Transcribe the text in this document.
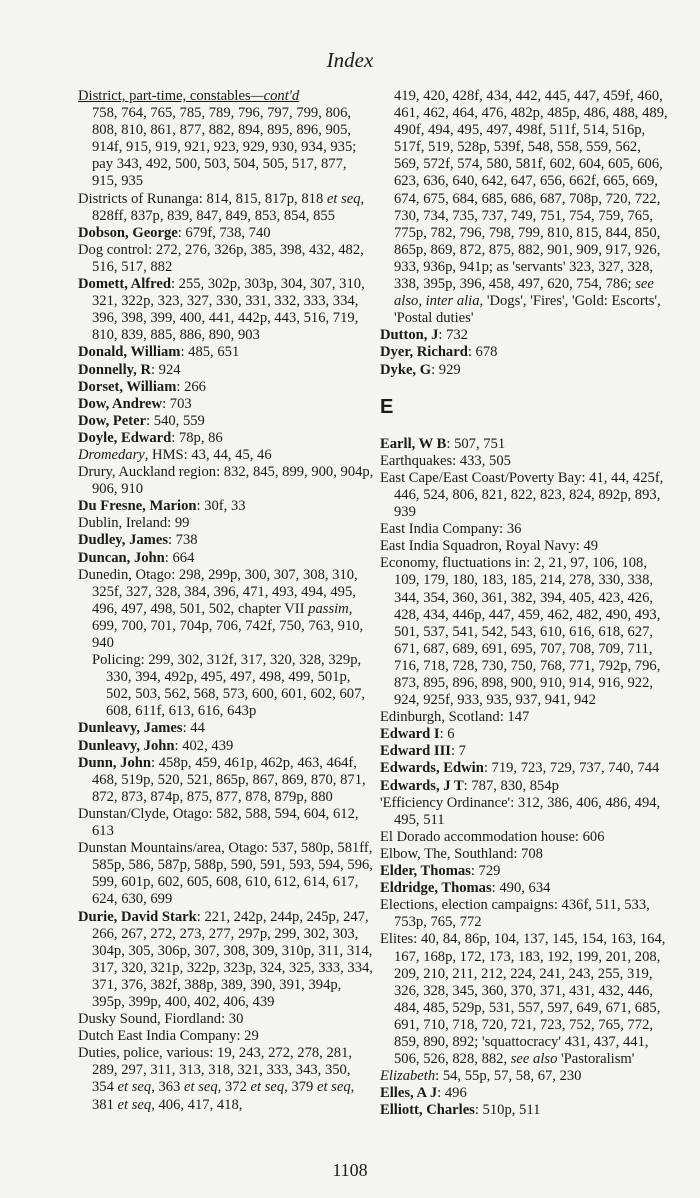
Index
District, part-time, constables—cont'd
758, 764, 765, 785, 789, 796, 797, 799, 806, 808, 810, 861, 877, 882, 894, 895, 896, 905, 914f, 915, 919, 921, 923, 929, 930, 934, 935; pay 343, 492, 500, 503, 504, 505, 517, 877, 915, 935
Districts of Runanga: 814, 815, 817p, 818 et seq, 828ff, 837p, 839, 847, 849, 853, 854, 855
Dobson, George: 679f, 738, 740
Dog control: 272, 276, 326p, 385, 398, 432, 482, 516, 517, 882
Domett, Alfred: 255, 302p, 303p, 304, 307, 310, 321, 322p, 323, 327, 330, 331, 332, 333, 334, 396, 398, 399, 400, 441, 442p, 443, 516, 719, 810, 839, 885, 886, 890, 903
Donald, William: 485, 651
Donnelly, R: 924
Dorset, William: 266
Dow, Andrew: 703
Dow, Peter: 540, 559
Doyle, Edward: 78p, 86
Dromedary, HMS: 43, 44, 45, 46
Drury, Auckland region: 832, 845, 899, 900, 904p, 906, 910
Du Fresne, Marion: 30f, 33
Dublin, Ireland: 99
Dudley, James: 738
Duncan, John: 664
Dunedin, Otago: 298, 299p, 300, 307, 308, 310, 325f, 327, 328, 384, 396, 471, 493, 494, 495, 496, 497, 498, 501, 502, chapter VII passim, 699, 700, 701, 704p, 706, 742f, 750, 763, 910, 940
Policing: 299, 302, 312f, 317, 320, 328, 329p, 330, 394, 492p, 495, 497, 498, 499, 501p, 502, 503, 562, 568, 573, 600, 601, 602, 607, 608, 611f, 613, 616, 643p
Dunleavy, James: 44
Dunleavy, John: 402, 439
Dunn, John: 458p, 459, 461p, 462p, 463, 464f, 468, 519p, 520, 521, 865p, 867, 869, 870, 871, 872, 873, 874p, 875, 877, 878, 879p, 880
Dunstan/Clyde, Otago: 582, 588, 594, 604, 612, 613
Dunstan Mountains/area, Otago: 537, 580p, 581ff, 585p, 586, 587p, 588p, 590, 591, 593, 594, 596, 599, 601p, 602, 605, 608, 610, 612, 614, 617, 624, 630, 699
Durie, David Stark: 221, 242p, 244p, 245p, 247, 266, 267, 272, 273, 277, 297p, 299, 302, 303, 304p, 305, 306p, 307, 308, 309, 310p, 311, 314, 317, 320, 321p, 322p, 323p, 324, 325, 333, 334, 371, 376, 382f, 388p, 389, 390, 391, 394p, 395p, 399p, 400, 402, 406, 439
Dusky Sound, Fiordland: 30
Dutch East India Company: 29
Duties, police, various: 19, 243, 272, 278, 281, 289, 297, 311, 313, 318, 321, 333, 343, 350, 354 et seq, 363 et seq, 372 et seq, 379 et seq, 381 et seq, 406, 417, 418,
419, 420, 428f, 434, 442, 445, 447, 459f, 460, 461, 462, 464, 476, 482p, 485p, 486, 488, 489, 490f, 494, 495, 497, 498f, 511f, 514, 516p, 517f, 519, 528p, 539f, 548, 558, 559, 562, 569, 572f, 574, 580, 581f, 602, 604, 605, 606, 623, 636, 640, 642, 647, 656, 662f, 665, 669, 674, 675, 684, 685, 686, 687, 708p, 720, 722, 730, 734, 735, 737, 749, 751, 754, 759, 765, 775p, 782, 796, 798, 799, 810, 815, 844, 850, 865p, 869, 872, 875, 882, 901, 909, 917, 926, 933, 936p, 941p; as 'servants' 323, 327, 328, 338, 395p, 396, 458, 497, 620, 754, 786; see also, inter alia, 'Dogs', 'Fires', 'Gold: Escorts', 'Postal duties'
Dutton, J: 732
Dyer, Richard: 678
Dyke, G: 929
E
Earll, W B: 507, 751
Earthquakes: 433, 505
East Cape/East Coast/Poverty Bay: 41, 44, 425f, 446, 524, 806, 821, 822, 823, 824, 892p, 893, 939
East India Company: 36
East India Squadron, Royal Navy: 49
Economy, fluctuations in: 2, 21, 97, 106, 108, 109, 179, 180, 183, 185, 214, 278, 330, 338, 344, 354, 360, 361, 382, 394, 405, 423, 426, 428, 434, 446p, 447, 459, 462, 482, 490, 493, 501, 537, 541, 542, 543, 610, 616, 618, 627, 671, 687, 689, 691, 695, 707, 708, 709, 711, 716, 718, 728, 730, 750, 768, 771, 792p, 796, 873, 895, 896, 898, 900, 910, 914, 916, 922, 924, 925f, 933, 935, 937, 941, 942
Edinburgh, Scotland: 147
Edward I: 6
Edward III: 7
Edwards, Edwin: 719, 723, 729, 737, 740, 744
Edwards, J T: 787, 830, 854p
'Efficiency Ordinance': 312, 386, 406, 486, 494, 495, 511
El Dorado accommodation house: 606
Elbow, The, Southland: 708
Elder, Thomas: 729
Eldridge, Thomas: 490, 634
Elections, election campaigns: 436f, 511, 533, 753p, 765, 772
Elites: 40, 84, 86p, 104, 137, 145, 154, 163, 164, 167, 168p, 172, 173, 183, 192, 199, 201, 208, 209, 210, 211, 212, 224, 241, 243, 255, 319, 326, 328, 345, 360, 370, 371, 431, 432, 446, 484, 485, 529p, 531, 557, 597, 649, 671, 685, 691, 710, 718, 720, 721, 723, 752, 765, 772, 859, 890, 892; 'squattocracy' 431, 437, 441, 506, 526, 828, 882, see also 'Pastoralism'
Elizabeth: 54, 55p, 57, 58, 67, 230
Elles, A J: 496
Elliott, Charles: 510p, 511
1108
